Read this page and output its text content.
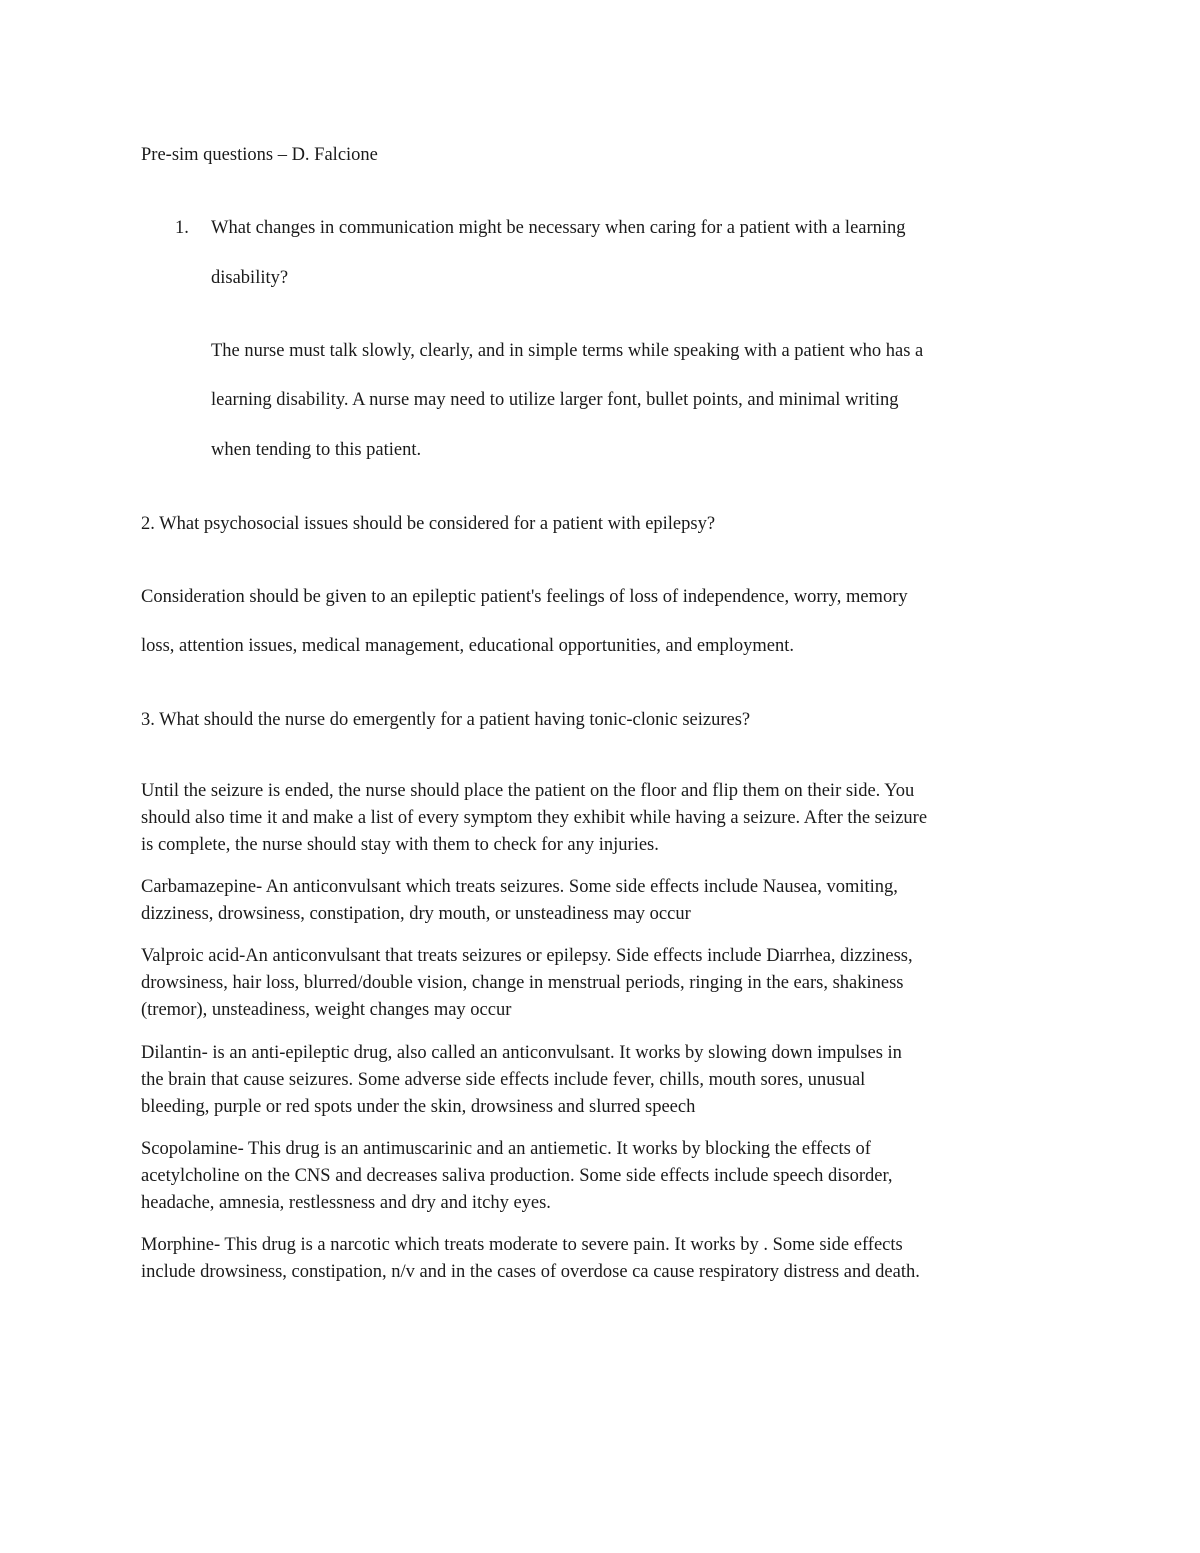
Pre-sim questions – D. Falcione
1. What changes in communication might be necessary when caring for a patient with a learning
disability?
The nurse must talk slowly, clearly, and in simple terms while speaking with a patient who has a
learning disability. A nurse may need to utilize larger font, bullet points, and minimal writing
when tending to this patient.
2. What psychosocial issues should be considered for a patient with epilepsy?
Consideration should be given to an epileptic patient's feelings of loss of independence, worry, memory
loss, attention issues, medical management, educational opportunities, and employment.
3. What should the nurse do emergently for a patient having tonic-clonic seizures?

Until the seizure is ended, the nurse should place the patient on the floor and flip them on their side. You

should also time it and make a list of every symptom they exhibit while having a seizure. After the seizure

is complete, the nurse should stay with them to check for any injuries.

Carbamazepine- An anticonvulsant which treats seizures. Some side effects include Nausea, vomiting,

dizziness, drowsiness, constipation, dry mouth, or unsteadiness may occur

Valproic acid-An anticonvulsant that treats seizures or epilepsy. Side effects include Diarrhea, dizziness,

drowsiness, hair loss, blurred/double vision, change in menstrual periods, ringing in the ears, shakiness

(tremor), unsteadiness, weight changes may occur

Dilantin- is an anti-epileptic drug, also called an anticonvulsant. It works by slowing down impulses in

the brain that cause seizures. Some adverse side effects include fever, chills, mouth sores, unusual

bleeding, purple or red spots under the skin, drowsiness and slurred speech

Scopolamine- This drug is an antimuscarinic and an antiemetic. It works by blocking the effects of

acetylcholine on the CNS and decreases saliva production. Some side effects include speech disorder,

headache, amnesia, restlessness and dry and itchy eyes.

Morphine- This drug is a narcotic which treats moderate to severe pain. It works by . Some side effects

include drowsiness, constipation, n/v and in the cases of overdose ca cause respiratory distress and death.
